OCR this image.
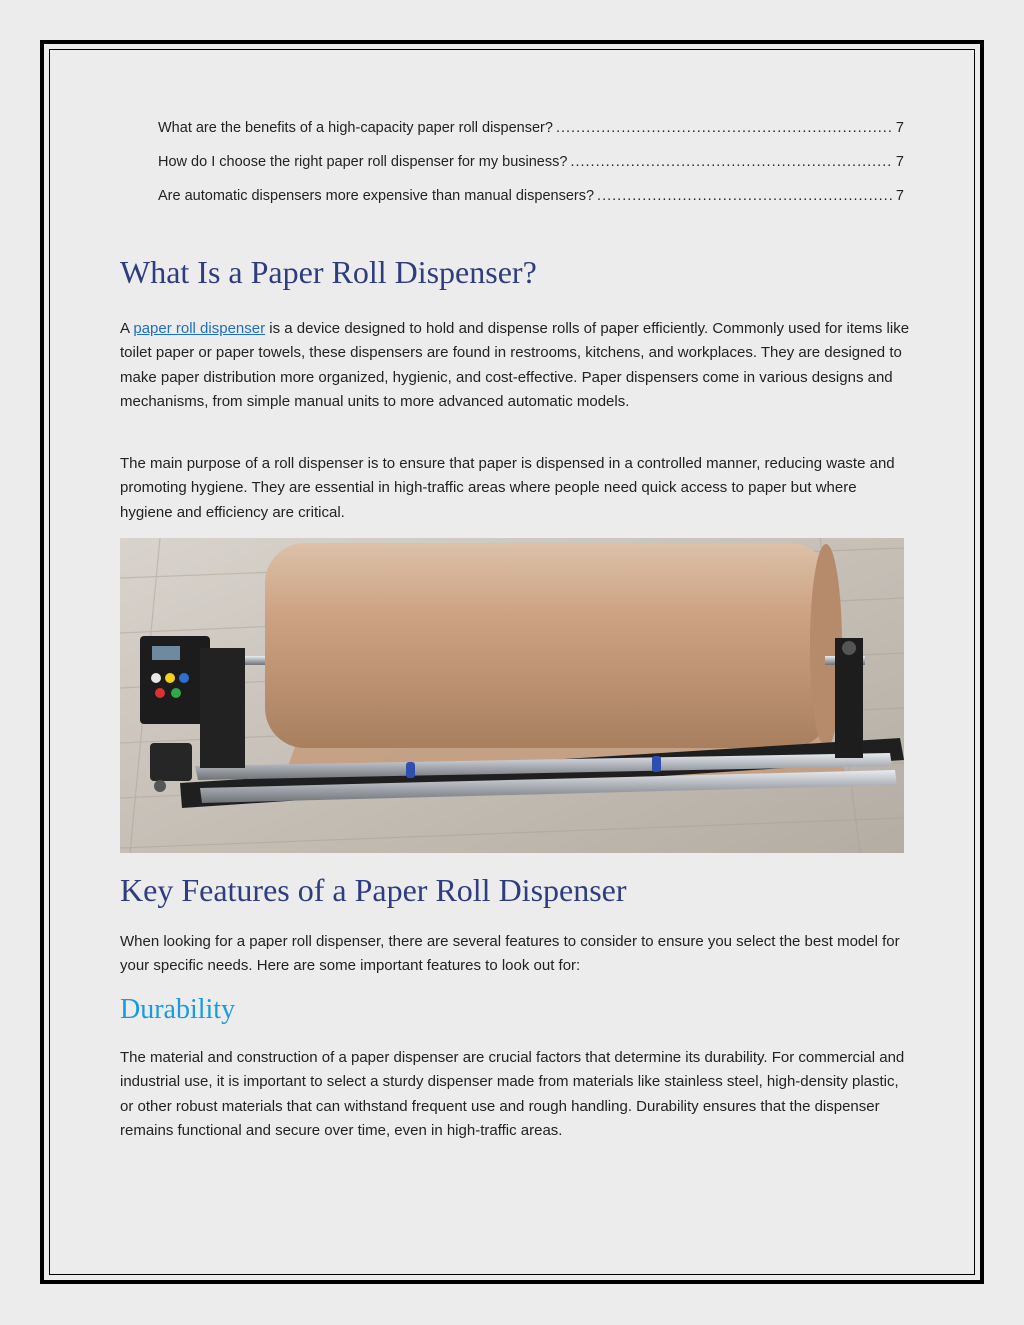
What are the benefits of a high-capacity paper roll dispenser? .....	7
How do I choose the right paper roll dispenser for my business? .....	7
Are automatic dispensers more expensive than manual dispensers? .....	7
What Is a Paper Roll Dispenser?

A paper roll dispenser is a device designed to hold and dispense rolls of paper efficiently. Commonly used for items like toilet paper or paper towels, these dispensers are found in restrooms, kitchens, and workplaces. They are designed to make paper distribution more organized, hygienic, and cost-effective. Paper dispensers come in various designs and mechanisms, from simple manual units to more advanced automatic models.

The main purpose of a roll dispenser is to ensure that paper is dispensed in a controlled manner, reducing waste and promoting hygiene. They are essential in high-traffic areas where people need quick access to paper but where hygiene and efficiency are critical.

Key Features of a Paper Roll Dispenser

When looking for a paper roll dispenser, there are several features to consider to ensure you select the best model for your specific needs. Here are some important features to look out for:

Durability

The material and construction of a paper dispenser are crucial factors that determine its durability. For commercial and industrial use, it is important to select a sturdy dispenser made from materials like stainless steel, high-density plastic, or other robust materials that can withstand frequent use and rough handling. Durability ensures that the dispenser remains functional and secure over time, even in high-traffic areas.
